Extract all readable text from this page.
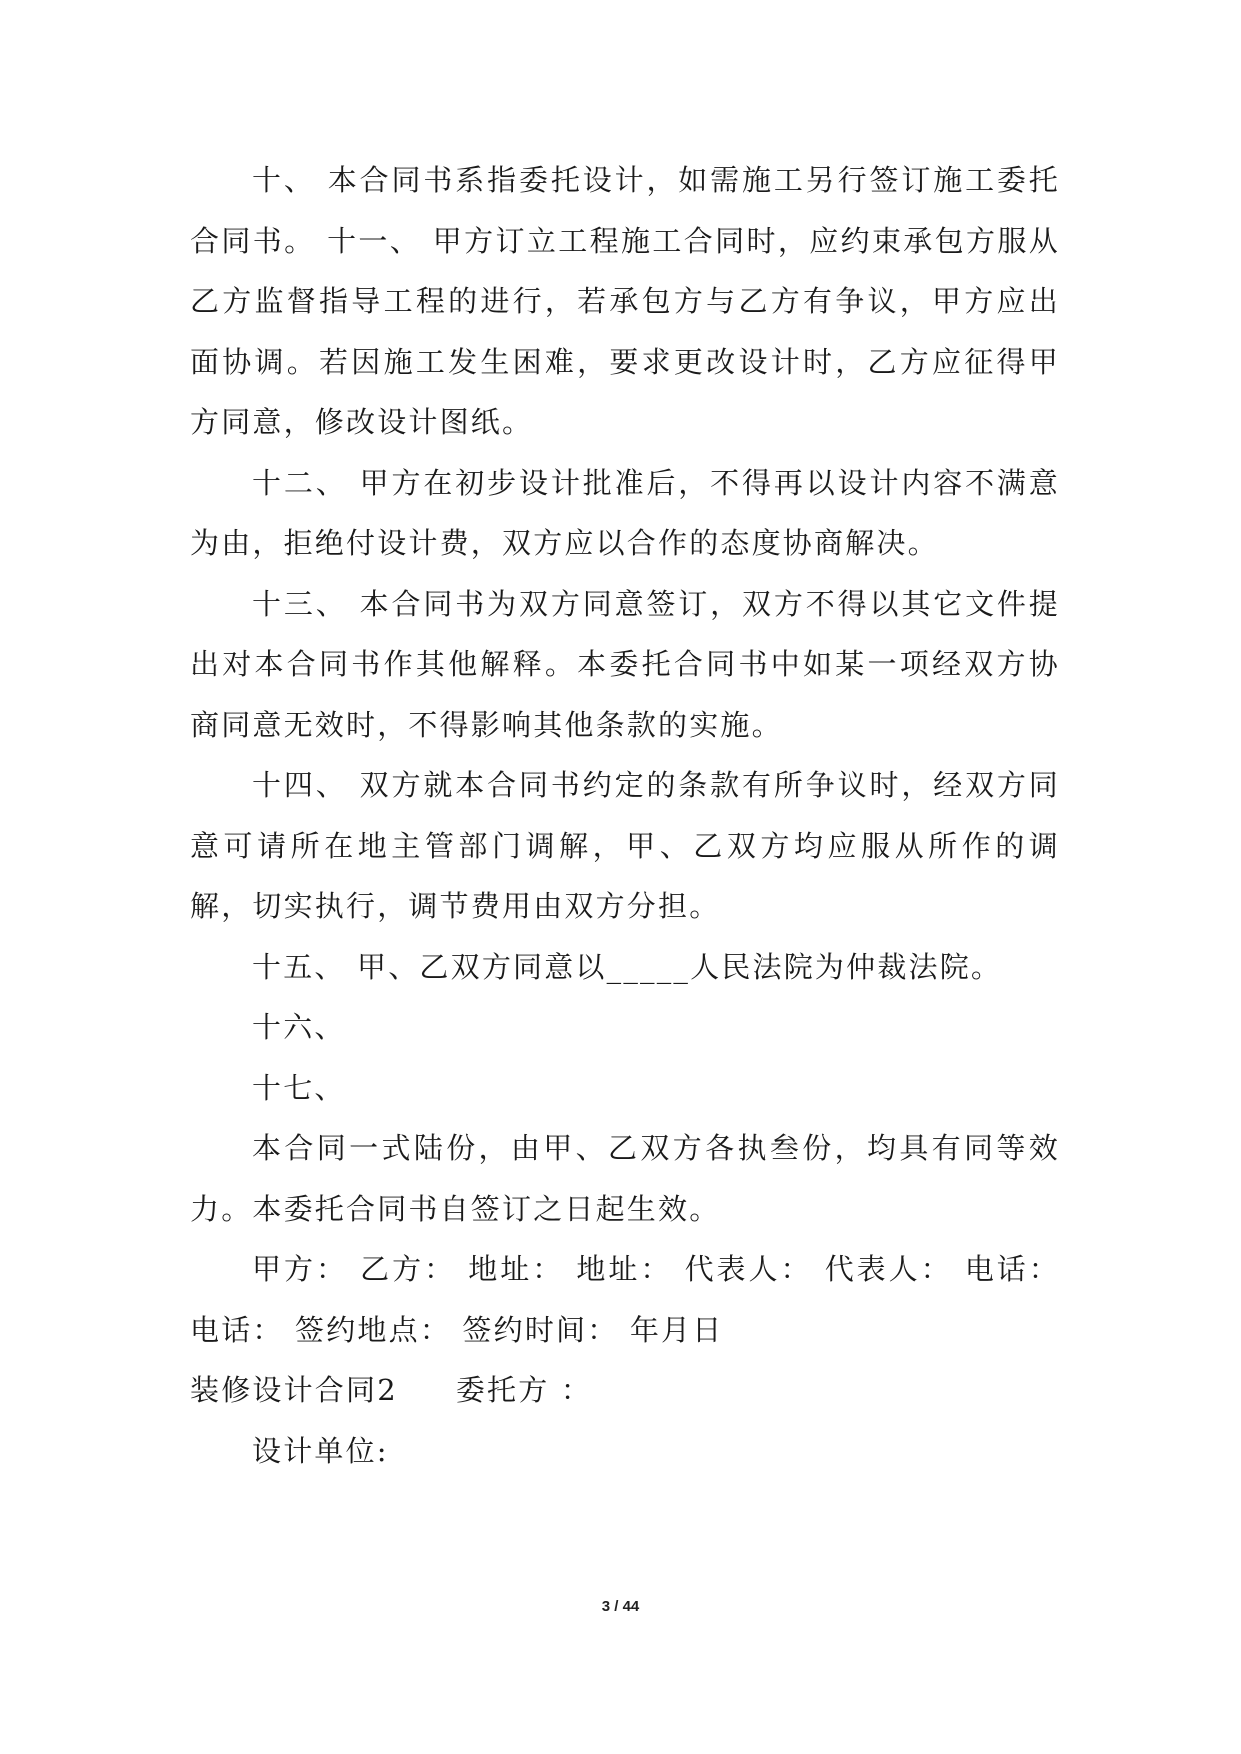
十、 本合同书系指委托设计，如需施工另行签订施工委托合同书。 十一、 甲方订立工程施工合同时，应约束承包方服从乙方监督指导工程的进行，若承包方与乙方有争议，甲方应出面协调。若因施工发生困难，要求更改设计时，乙方应征得甲方同意，修改设计图纸。

十二、 甲方在初步设计批准后，不得再以设计内容不满意为由，拒绝付设计费，双方应以合作的态度协商解决。

十三、 本合同书为双方同意签订，双方不得以其它文件提出对本合同书作其他解释。本委托合同书中如某一项经双方协商同意无效时，不得影响其他条款的实施。

十四、 双方就本合同书约定的条款有所争议时，经双方同意可请所在地主管部门调解，甲、乙双方均应服从所作的调解，切实执行，调节费用由双方分担。

十五、 甲、乙双方同意以_____人民法院为仲裁法院。

十六、

十七、

本合同一式陆份，由甲、乙双方各执叁份，均具有同等效力。本委托合同书自签订之日起生效。

甲方： 乙方： 地址： 地址： 代表人： 代表人： 电话：电话： 签约地点： 签约时间： 年月日

装修设计合同2 委托方 ：

设计单位:

3 / 44
